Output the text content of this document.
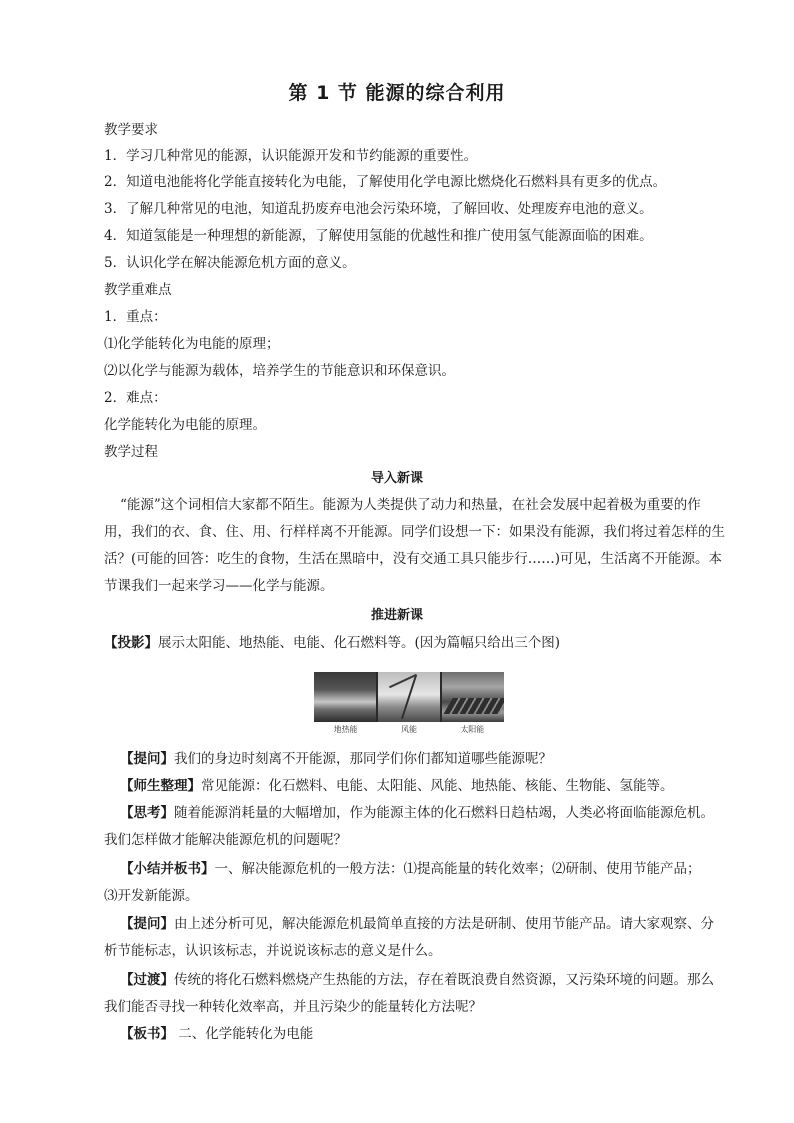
第 1 节 能源的综合利用
教学要求
1．学习几种常见的能源，认识能源开发和节约能源的重要性。
2．知道电池能将化学能直接转化为电能，了解使用化学电源比燃烧化石燃料具有更多的优点。
3．了解几种常见的电池，知道乱扔废弃电池会污染环境，了解回收、处理废弃电池的意义。
4．知道氢能是一种理想的新能源，了解使用氢能的优越性和推广使用氢气能源面临的困难。
5．认识化学在解决能源危机方面的意义。
教学重难点
1．重点：
⑴化学能转化为电能的原理；
⑵以化学与能源为载体，培养学生的节能意识和环保意识。
2．难点：
化学能转化为电能的原理。
教学过程
导入新课
“能源”这个词相信大家都不陌生。能源为人类提供了动力和热量，在社会发展中起着极为重要的作
用，我们的衣、食、住、用、行样样离不开能源。同学们设想一下：如果没有能源，我们将过着怎样的生
活？(可能的回答：吃生的食物，生活在黑暗中，没有交通工具只能步行……)可见，生活离不开能源。本
节课我们一起来学习——化学与能源。
推进新课
【投影】展示太阳能、地热能、电能、化石燃料等。(因为篇幅只给出三个图)
地热能	风能	太阳能
【提问】我们的身边时刻离不开能源，那同学们你们都知道哪些能源呢？
【师生整理】常见能源：化石燃料、电能、太阳能、风能、地热能、核能、生物能、氢能等。
【思考】随着能源消耗量的大幅增加，作为能源主体的化石燃料日趋枯竭，人类必将面临能源危机。
我们怎样做才能解决能源危机的问题呢？
【小结并板书】一、解决能源危机的一般方法：⑴提高能量的转化效率；⑵研制、使用节能产品；
⑶开发新能源。
【提问】由上述分析可见，解决能源危机最简单直接的方法是研制、使用节能产品。请大家观察、分
析节能标志，认识该标志，并说说该标志的意义是什么。
【过渡】传统的将化石燃料燃烧产生热能的方法，存在着既浪费自然资源，又污染环境的问题。那么
我们能否寻找一种转化效率高，并且污染少的能量转化方法呢？
【板书】 二、化学能转化为电能
